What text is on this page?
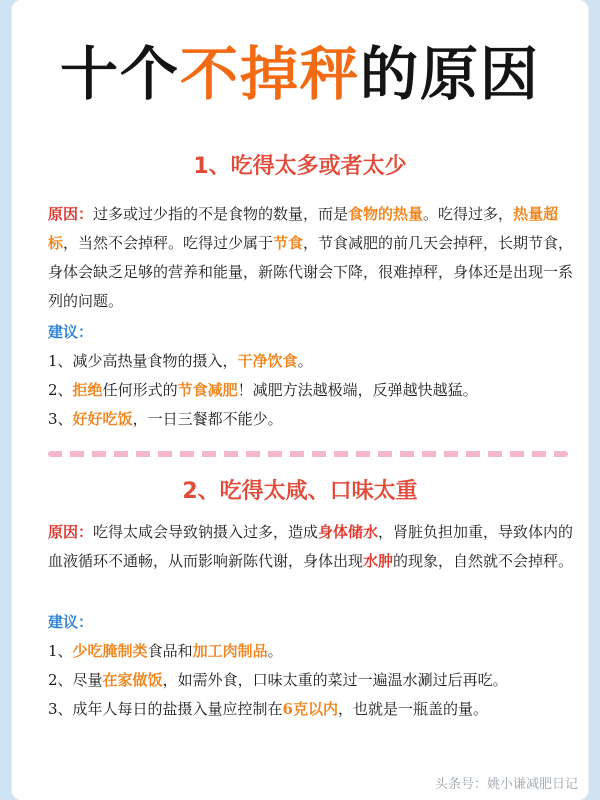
十个不掉秤的原因
1、吃得太多或者太少
原因：过多或过少指的不是食物的数量，而是食物的热量。吃得过多，热量超标，当然不会掉秤。吃得过少属于节食，节食减肥的前几天会掉秤，长期节食，身体会缺乏足够的营养和能量，新陈代谢会下降，很难掉秤，身体还是出现一系列的问题。
建议：
1、减少高热量食物的摄入，干净饮食。
2、拒绝任何形式的节食减肥！减肥方法越极端，反弹越快越猛。
3、好好吃饭，一日三餐都不能少。
2、吃得太咸、口味太重
原因：吃得太咸会导致钠摄入过多，造成身体储水，肾脏负担加重，导致体内的血液循环不通畅，从而影响新陈代谢，身体出现水肿的现象，自然就不会掉秤。
建议：
1、少吃腌制类食品和加工肉制品。
2、尽量在家做饭，如需外食，口味太重的菜过一遍温水涮过后再吃。
3、成年人每日的盐摄入量应控制在6克以内，也就是一瓶盖的量。
头条号：姚小谦减肥日记
